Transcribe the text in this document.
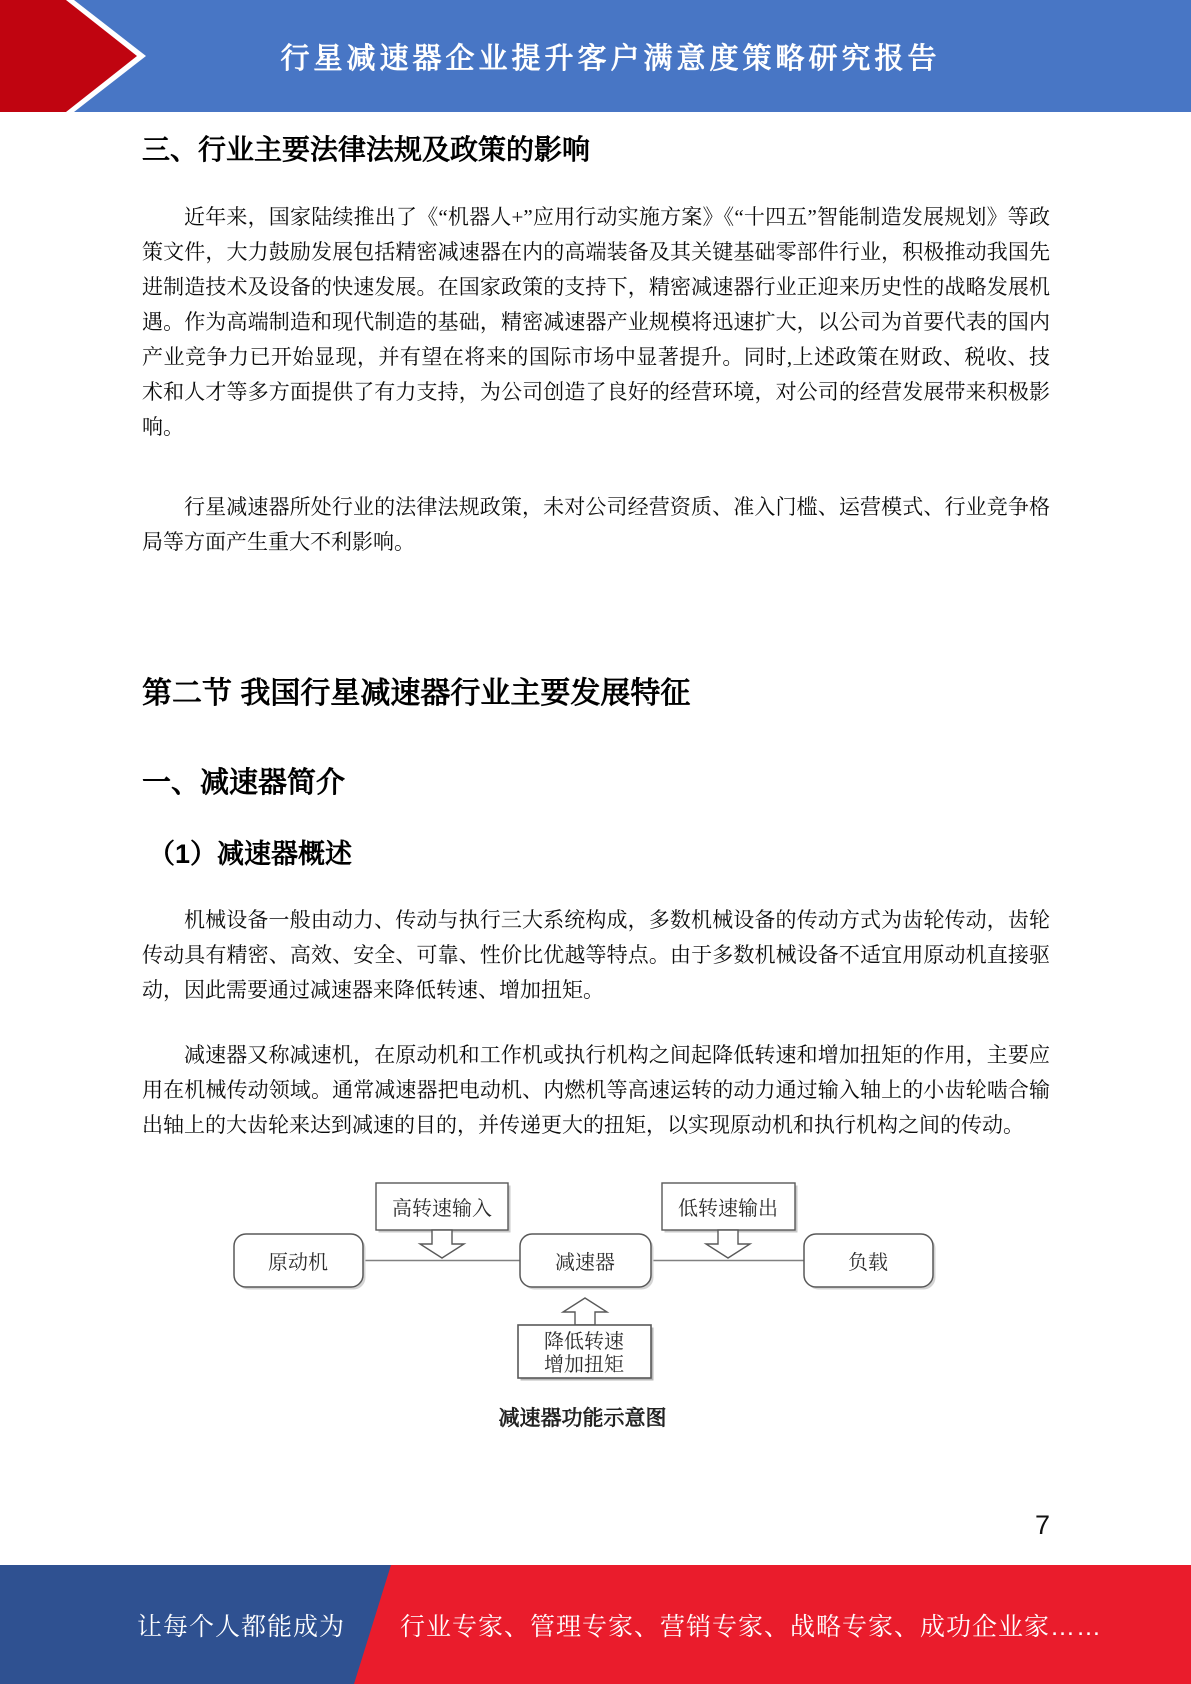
行星减速器企业提升客户满意度策略研究报告
三、行业主要法律法规及政策的影响
近年来，国家陆续推出了《“机器人+”应用行动实施方案》《“十四五”智能制造发展规划》等政策文件，大力鼓励发展包括精密减速器在内的高端装备及其关键基础零部件行业，积极推动我国先进制造技术及设备的快速发展。在国家政策的支持下，精密减速器行业正迎来历史性的战略发展机遇。作为高端制造和现代制造的基础，精密减速器产业规模将迅速扩大，以公司为首要代表的国内产业竞争力已开始显现，并有望在将来的国际市场中显著提升。同时,上述政策在财政、税收、技术和人才等多方面提供了有力支持，为公司创造了良好的经营环境，对公司的经营发展带来积极影响。
行星减速器所处行业的法律法规政策，未对公司经营资质、准入门槛、运营模式、行业竞争格局等方面产生重大不利影响。
第二节 我国行星减速器行业主要发展特征
一、减速器简介
（1）减速器概述
机械设备一般由动力、传动与执行三大系统构成，多数机械设备的传动方式为齿轮传动，齿轮传动具有精密、高效、安全、可靠、性价比优越等特点。由于多数机械设备不适宜用原动机直接驱动，因此需要通过减速器来降低转速、增加扭矩。
减速器又称减速机，在原动机和工作机或执行机构之间起降低转速和增加扭矩的作用，主要应用在机械传动领域。通常减速器把电动机、内燃机等高速运转的动力通过输入轴上的小齿轮啮合输出轴上的大齿轮来达到减速的目的，并传递更大的扭矩，以实现原动机和执行机构之间的传动。
高转速输入	低转速输出
原动机	减速器	负载
降低转速
增加扭矩
减速器功能示意图
7
让每个人都能成为 行业专家、管理专家、营销专家、战略专家、成功企业家……
